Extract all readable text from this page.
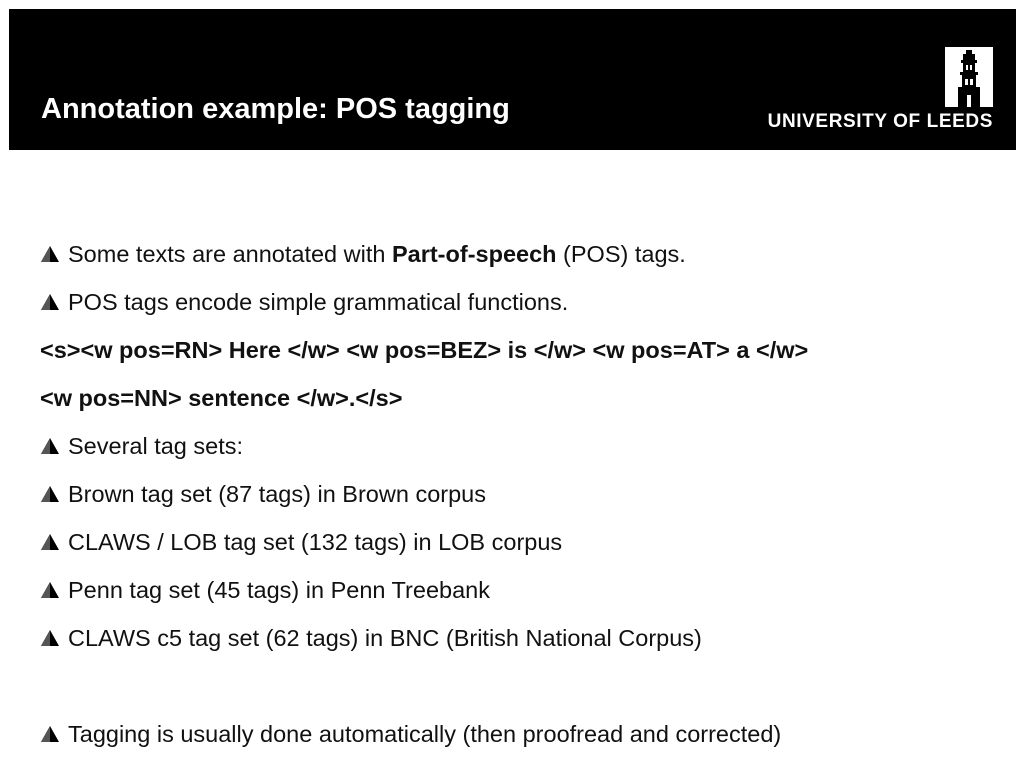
Annotation example: POS tagging	UNIVERSITY OF LEEDS
Some texts are annotated with Part-of-speech (POS) tags.
POS tags encode simple grammatical functions.
<s><w pos=RN> Here </w> <w pos=BEZ> is </w> <w pos=AT> a </w>
<w pos=NN> sentence </w>.</s>
Several tag sets:
Brown tag set (87 tags) in Brown corpus
CLAWS / LOB tag set (132 tags) in LOB corpus
Penn tag set (45 tags) in Penn Treebank
CLAWS c5 tag set (62 tags) in BNC (British National Corpus)
Tagging is usually done automatically (then proofread and corrected)
